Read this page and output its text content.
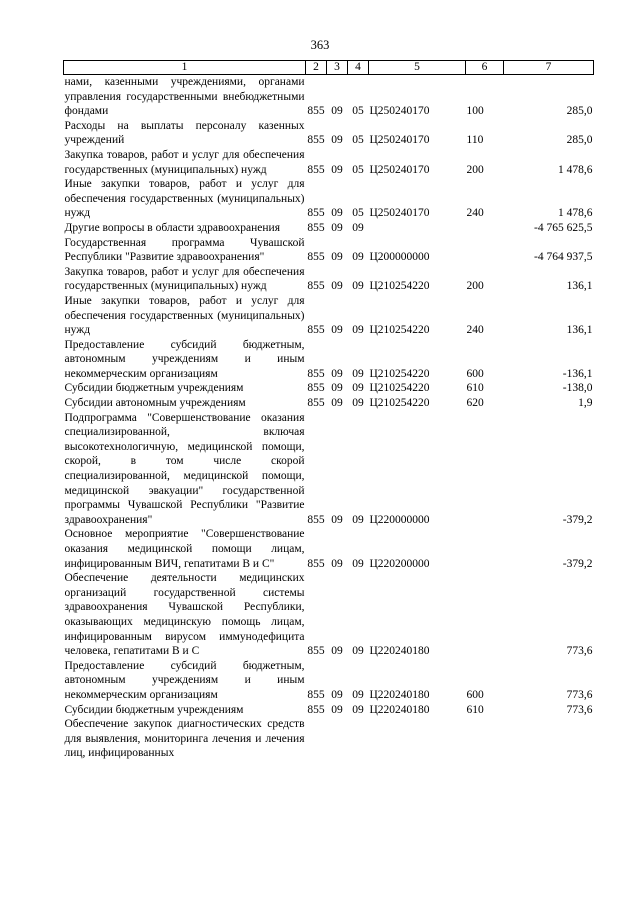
363
1	2	3	4	5	6	7
нами, казенными учреждениями, органами управления государственными внебюджетными фондами	855	09	05	Ц250240170	100	285,0
Расходы на выплаты персоналу казенных учреждений	855	09	05	Ц250240170	110	285,0
Закупка товаров, работ и услуг для обеспечения государственных (муниципальных) нужд	855	09	05	Ц250240170	200	1 478,6
Иные закупки товаров, работ и услуг для обеспечения государственных (муниципальных) нужд	855	09	05	Ц250240170	240	1 478,6
Другие вопросы в области здравоохранения	855	09	09			-4 765 625,5
Государственная программа Чувашской Республики "Развитие здравоохранения"	855	09	09	Ц200000000		-4 764 937,5
Закупка товаров, работ и услуг для обеспечения государственных (муниципальных) нужд	855	09	09	Ц210254220	200	136,1
Иные закупки товаров, работ и услуг для обеспечения государственных (муниципальных) нужд	855	09	09	Ц210254220	240	136,1
Предоставление субсидий бюджетным, автономным учреждениям и иным некоммерческим организациям	855	09	09	Ц210254220	600	-136,1
Субсидии бюджетным учреждениям	855	09	09	Ц210254220	610	-138,0
Субсидии автономным учреждениям	855	09	09	Ц210254220	620	1,9
Подпрограмма "Совершенствование оказания специализированной, включая высокотехнологичную, медицинской помощи, скорой, в том числе скорой специализированной, медицинской помощи, медицинской эвакуации" государственной программы Чувашской Республики "Развитие здравоохранения"	855	09	09	Ц220000000		-379,2
Основное мероприятие "Совершенствование оказания медицинской помощи лицам, инфицированным ВИЧ, гепатитами В и С"	855	09	09	Ц220200000		-379,2
Обеспечение деятельности медицинских организаций государственной системы здравоохранения Чувашской Республики, оказывающих медицинскую помощь лицам, инфицированным вирусом иммунодефицита человека, гепатитами В и С	855	09	09	Ц220240180		773,6
Предоставление субсидий бюджетным, автономным учреждениям и иным некоммерческим организациям	855	09	09	Ц220240180	600	773,6
Субсидии бюджетным учреждениям	855	09	09	Ц220240180	610	773,6
Обеспечение закупок диагностических средств для выявления, мониторинга лечения и лечения лиц, инфицированных						
